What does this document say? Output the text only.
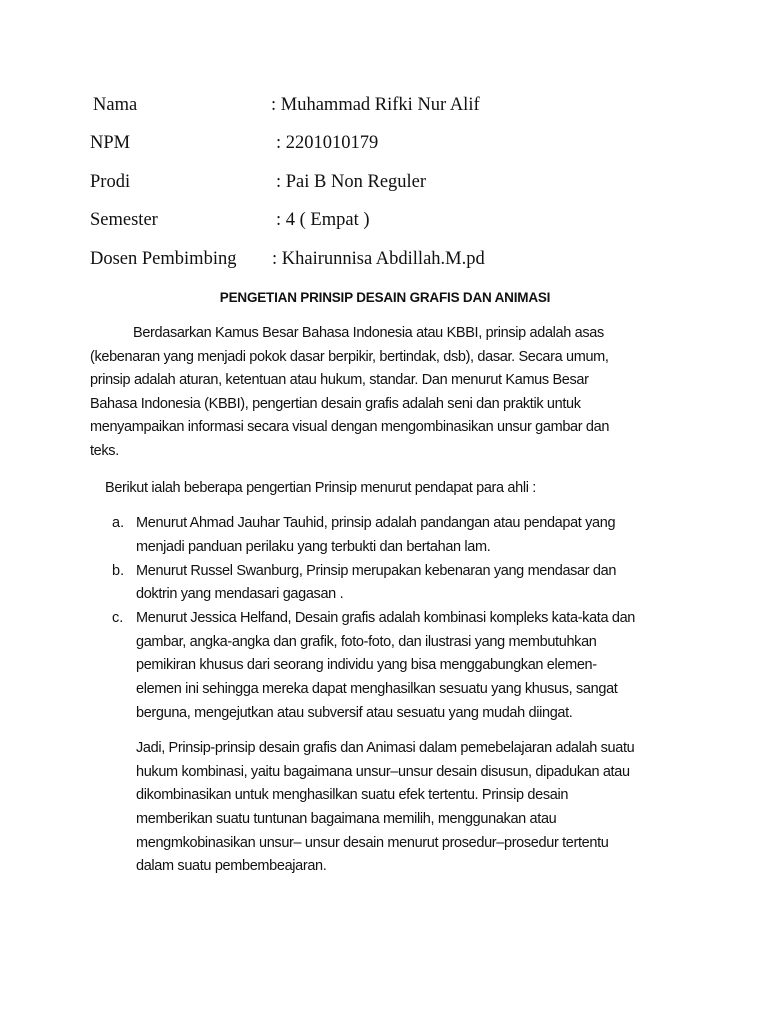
Nama	: Muhammad Rifki Nur Alif
NPM	: 2201010179
Prodi	: Pai B Non Reguler
Semester	: 4 ( Empat )
Dosen Pembimbing : Khairunnisa Abdillah.M.pd
PENGETIAN PRINSIP DESAIN GRAFIS DAN ANIMASI
Berdasarkan Kamus Besar Bahasa Indonesia atau KBBI, prinsip adalah asas
(kebenaran yang menjadi pokok dasar berpikir, bertindak, dsb), dasar. Secara umum,
prinsip adalah aturan, ketentuan atau hukum, standar. Dan menurut Kamus Besar
Bahasa Indonesia (KBBI), pengertian desain grafis adalah seni dan praktik untuk
menyampaikan informasi secara visual dengan mengombinasikan unsur gambar dan
teks.
Berikut ialah beberapa pengertian Prinsip menurut pendapat para ahli :
a. Menurut Ahmad Jauhar Tauhid, prinsip adalah pandangan atau pendapat yang
menjadi panduan perilaku yang terbukti dan bertahan lam.
b. Menurut Russel Swanburg, Prinsip merupakan kebenaran yang mendasar dan
doktrin yang mendasari gagasan .
c. Menurut Jessica Helfand, Desain grafis adalah kombinasi kompleks kata-kata dan
gambar, angka-angka dan grafik, foto-foto, dan ilustrasi yang membutuhkan
pemikiran khusus dari seorang individu yang bisa menggabungkan elemen-
elemen ini sehingga mereka dapat menghasilkan sesuatu yang khusus, sangat
berguna, mengejutkan atau subversif atau sesuatu yang mudah diingat.
Jadi, Prinsip-prinsip desain grafis dan Animasi dalam pemebelajaran adalah suatu
hukum kombinasi, yaitu bagaimana unsur–unsur desain disusun, dipadukan atau
dikombinasikan untuk menghasilkan suatu efek tertentu. Prinsip desain
memberikan suatu tuntunan bagaimana memilih, menggunakan atau
mengmkobinasikan unsur– unsur desain menurut prosedur–prosedur tertentu
dalam suatu pembembeajaran.
